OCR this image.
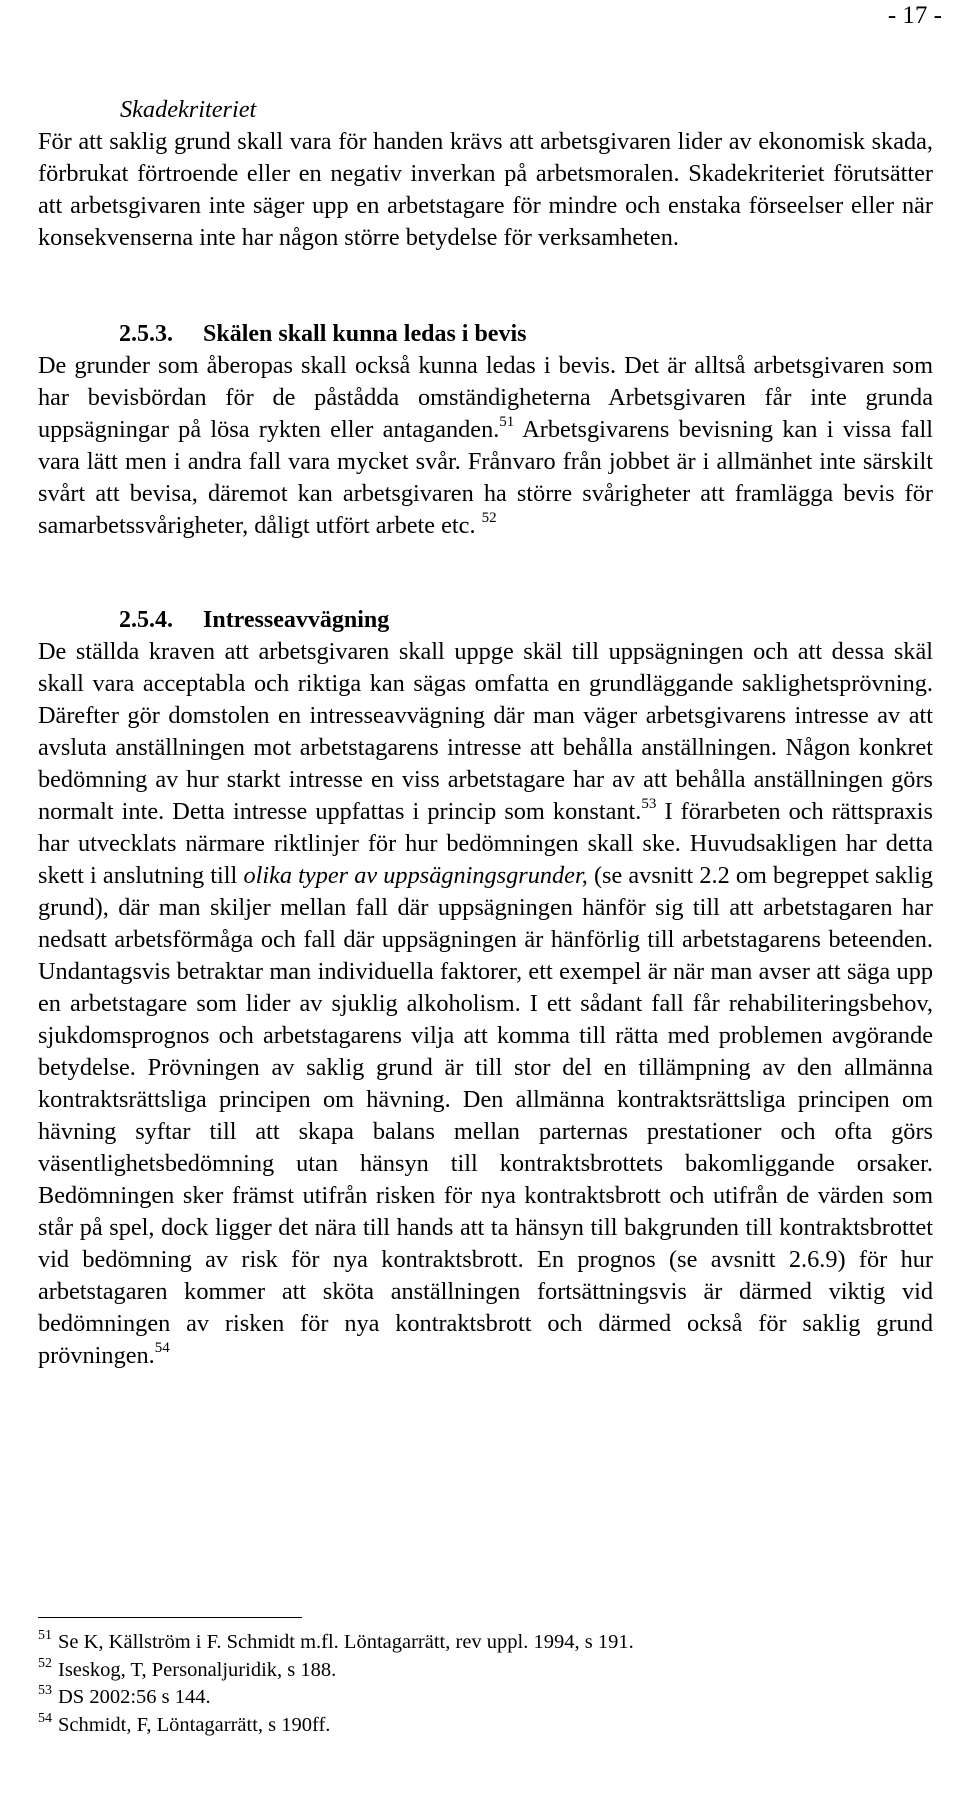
- 17 -
Skadekriteriet

För att saklig grund skall vara för handen krävs att arbetsgivaren lider av ekonomisk skada, förbrukat förtroende eller en negativ inverkan på arbetsmoralen. Skadekriteriet förutsätter att arbetsgivaren inte säger upp en arbetstagare för mindre och enstaka förseelser eller när konsekvenserna inte har någon större betydelse för verksamheten.

2.5.3. Skälen skall kunna ledas i bevis

De grunder som åberopas skall också kunna ledas i bevis. Det är alltså arbetsgivaren som har bevisbördan för de påstådda omständigheterna Arbetsgivaren får inte grunda uppsägningar på lösa rykten eller antaganden.$^{51}$ Arbetsgivarens bevisning kan i vissa fall vara lätt men i andra fall vara mycket svår. Frånvaro från jobbet är i allmänhet inte särskilt svårt att bevisa, däremot kan arbetsgivaren ha större svårigheter att framlägga bevis för samarbetssvårigheter, dåligt utfört arbete etc. $^{52}$

2.5.4. Intresseavvägning

De ställda kraven att arbetsgivaren skall uppge skäl till uppsägningen och att dessa skäl skall vara acceptabla och riktiga kan sägas omfatta en grundläggande saklighetsprövning. Därefter gör domstolen en intresseavvägning där man väger arbetsgivarens intresse av att avsluta anställningen mot arbetstagarens intresse att behålla anställningen. Någon konkret bedömning av hur starkt intresse en viss arbetstagare har av att behålla anställningen görs normalt inte. Detta intresse uppfattas i princip som konstant.$^{53}$ I förarbeten och rättspraxis har utvecklats närmare riktlinjer för hur bedömningen skall ske. Huvudsakligen har detta skett i anslutning till olika typer av uppsägningsgrunder, (se avsnitt 2.2 om begreppet saklig grund), där man skiljer mellan fall där uppsägningen hänför sig till att arbetstagaren har nedsatt arbetsförmåga och fall där uppsägningen är hänförlig till arbetstagarens beteenden. Undantagsvis betraktar man individuella faktorer, ett exempel är när man avser att säga upp en arbetstagare som lider av sjuklig alkoholism. I ett sådant fall får rehabiliteringsbehov, sjukdomsprognos och arbetstagarens vilja att komma till rätta med problemen avgörande betydelse. Prövningen av saklig grund är till stor del en tillämpning av den allmänna kontraktsrättsliga principen om hävning. Den allmänna kontraktsrättsliga principen om hävning syftar till att skapa balans mellan parternas prestationer och ofta görs väsentlighetsbedömning utan hänsyn till kontraktsbrottets bakomliggande orsaker. Bedömningen sker främst utifrån risken för nya kontraktsbrott och utifrån de värden som står på spel, dock ligger det nära till hands att ta hänsyn till bakgrunden till kontraktsbrottet vid bedömning av risk för nya kontraktsbrott. En prognos (se avsnitt 2.6.9) för hur arbetstagaren kommer att sköta anställningen fortsättningsvis är därmed viktig vid bedömningen av risken för nya kontraktsbrott och därmed också för saklig grund prövningen.$^{54}$

$^{51}$ Se K, Källström i F. Schmidt m.fl. Löntagarrätt, rev uppl. 1994, s 191.
$^{52}$ Iseskog, T, Personaljuridik, s 188.
$^{53}$ DS 2002:56 s 144.
$^{54}$ Schmidt, F, Löntagarrätt, s 190ff.
